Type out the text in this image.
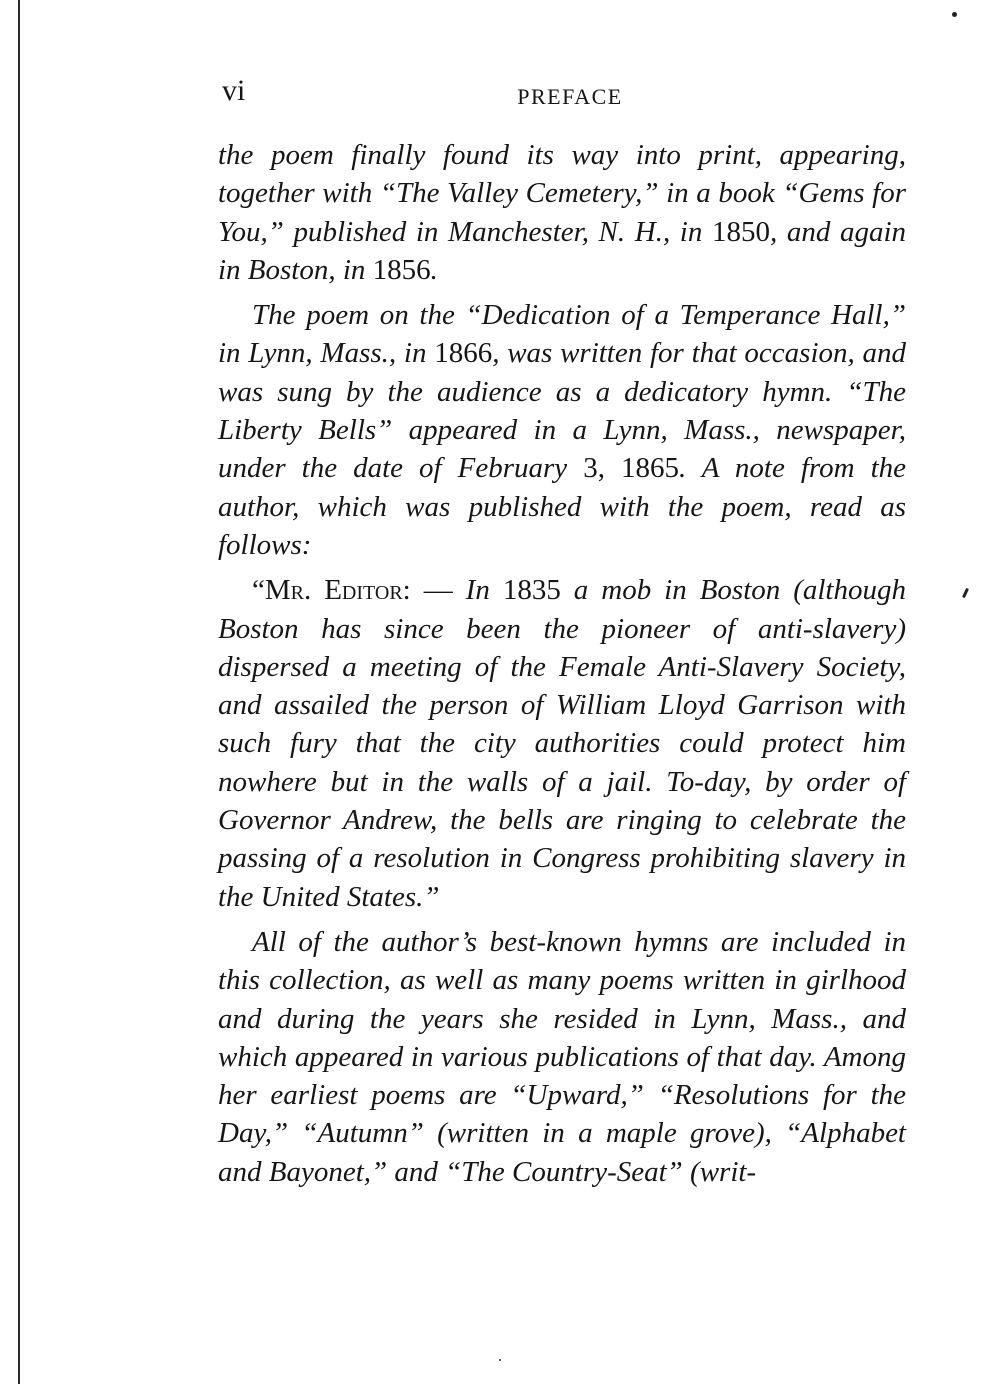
vi	PREFACE

the poem finally found its way into print, appearing, together with “The Valley Cemetery,” in a book “Gems for You,” published in Manchester, N. H., in 1850, and again in Boston, in 1856.

The poem on the “Dedication of a Temperance Hall,” in Lynn, Mass., in 1866, was written for that occasion, and was sung by the audience as a dedicatory hymn. “The Liberty Bells” appeared in a Lynn, Mass., newspaper, under the date of February 3, 1865. A note from the author, which was published with the poem, read as follows:

“Mr. Editor: — In 1835 a mob in Boston (although Boston has since been the pioneer of anti-slavery) dispersed a meeting of the Female Anti-Slavery Society, and assailed the person of William Lloyd Garrison with such fury that the city authorities could protect him nowhere but in the walls of a jail. To-day, by order of Governor Andrew, the bells are ringing to celebrate the passing of a resolution in Congress prohibiting slavery in the United States.”

All of the author’s best-known hymns are included in this collection, as well as many poems written in girlhood and during the years she resided in Lynn, Mass., and which appeared in various publications of that day. Among her earliest poems are “Upward,” “Resolutions for the Day,” “Autumn” (written in a maple grove), “Alphabet and Bayonet,” and “The Country-Seat” (writ-
